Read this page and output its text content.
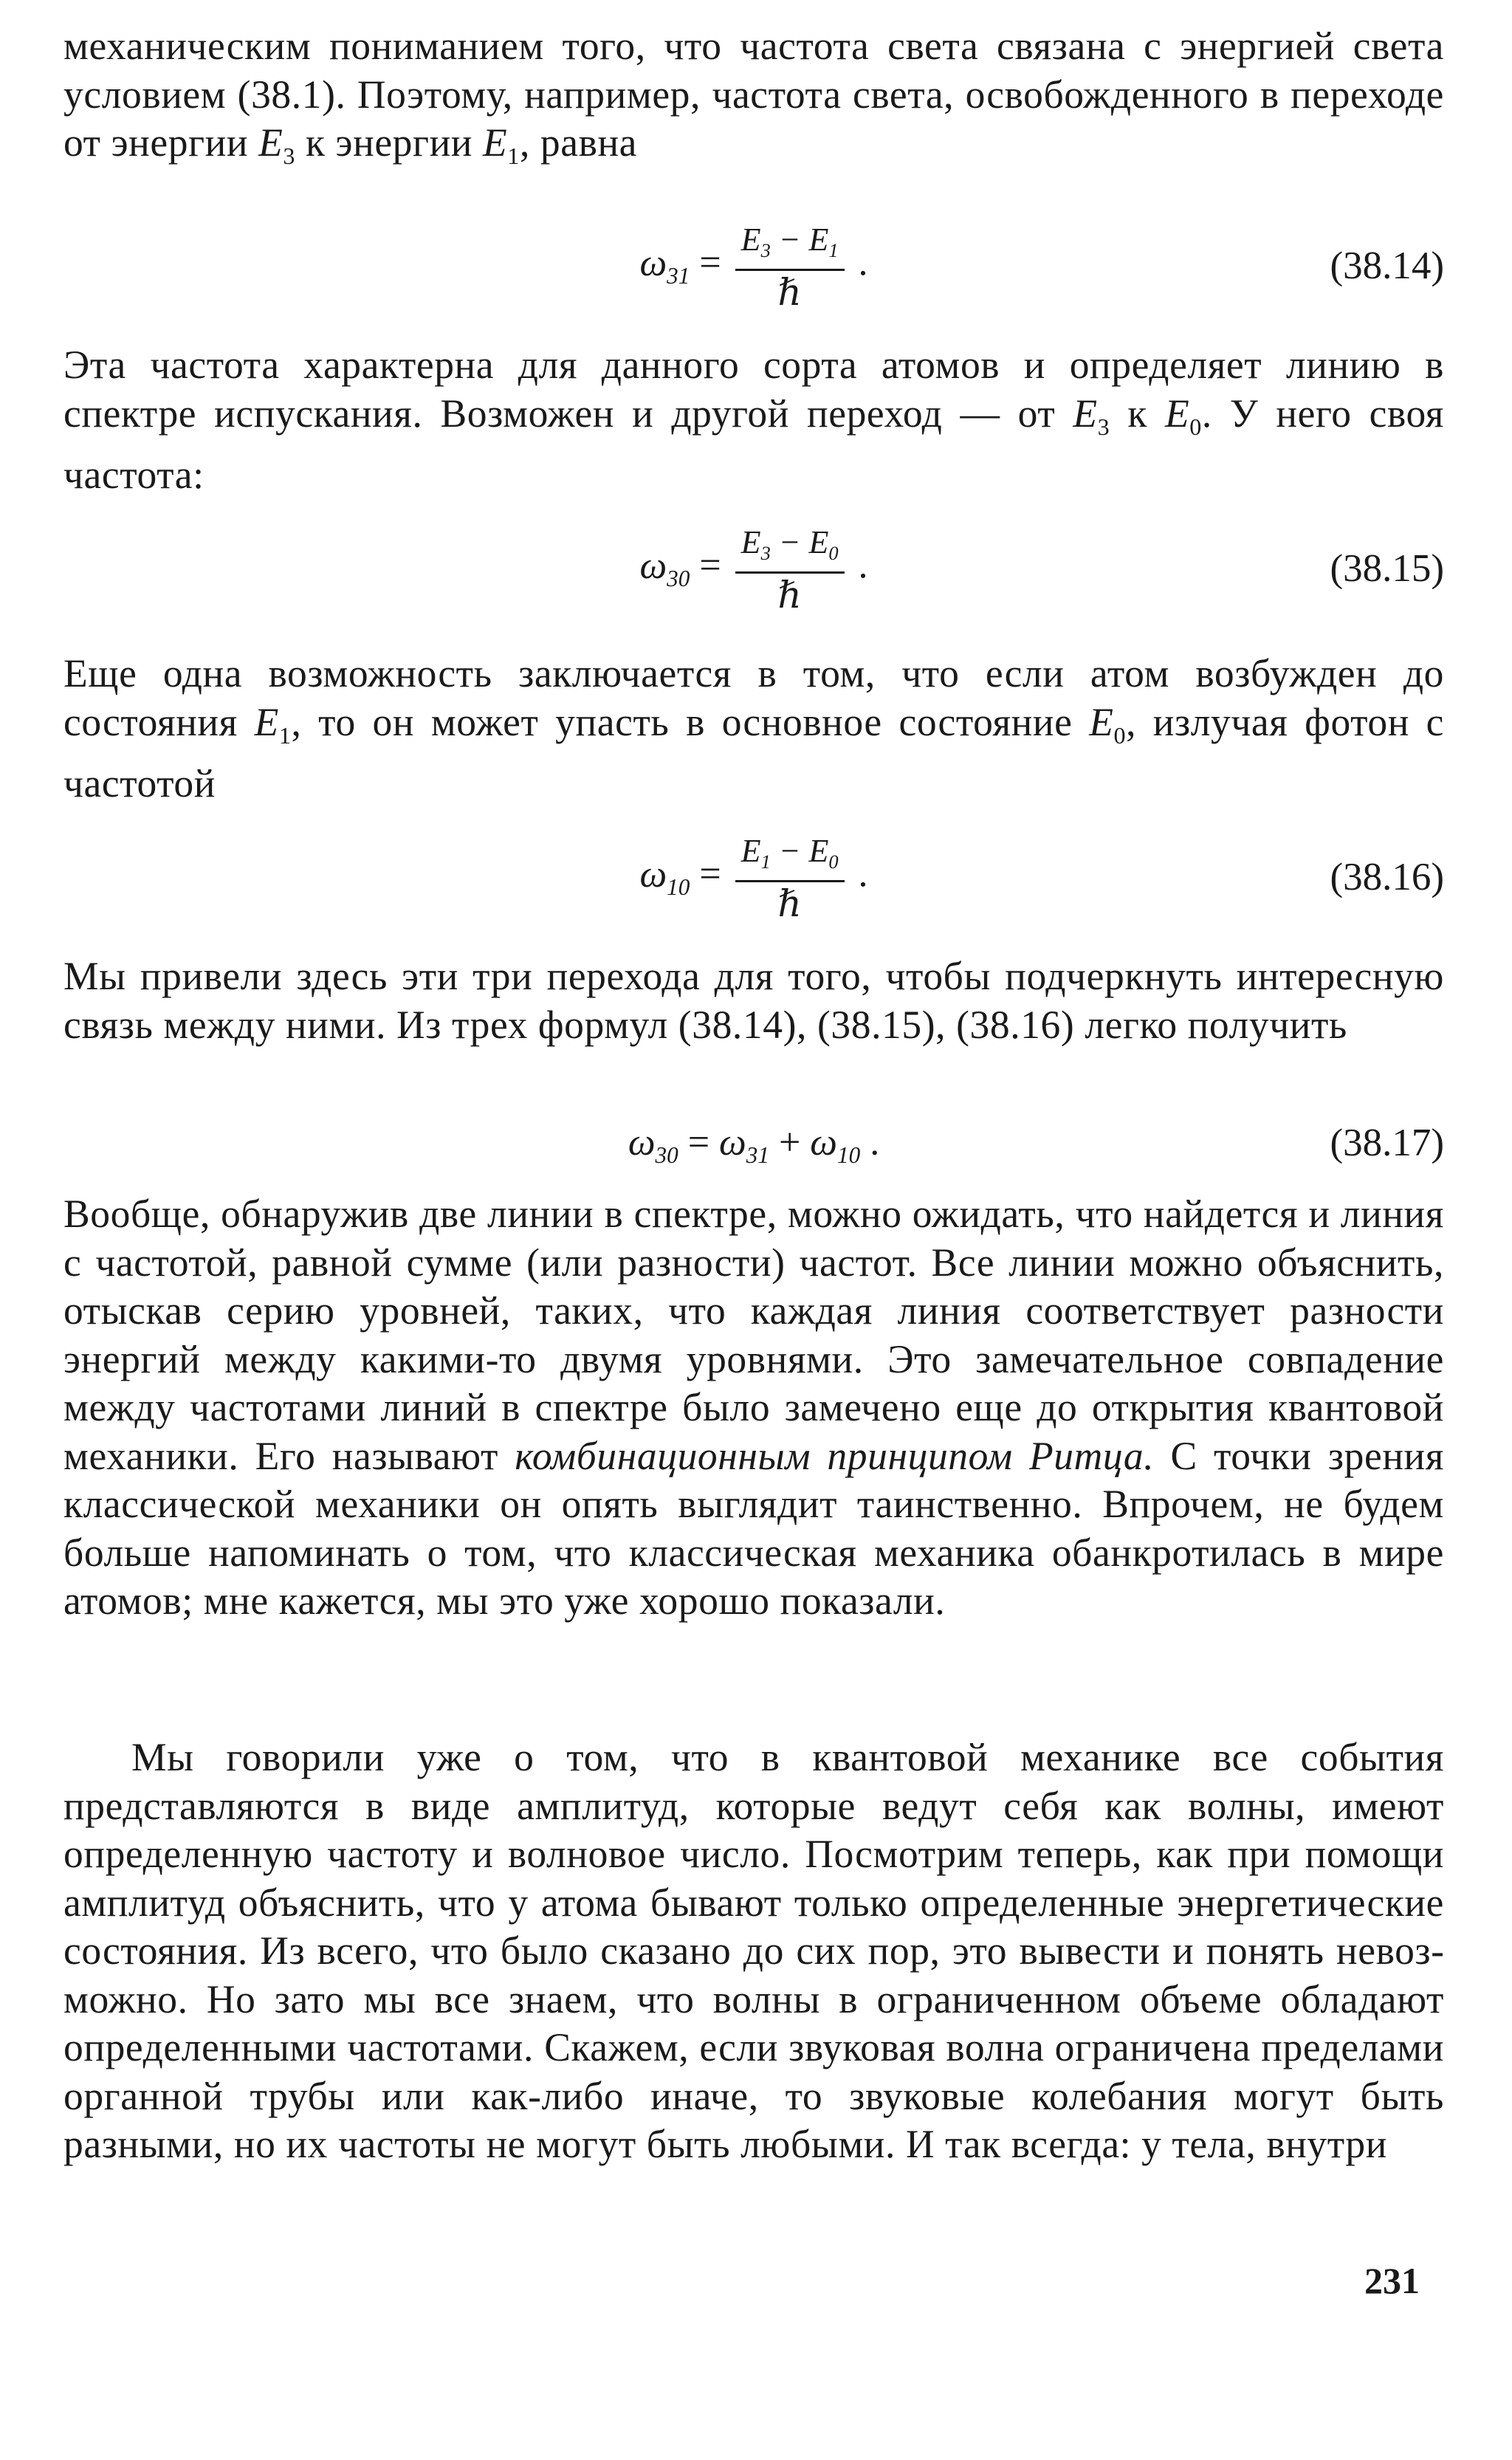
механическим пониманием того, что частота света связана с энергией света условием (38.1). Поэтому, например, частота света, освобожденного в переходе от энергии $E_3$ к энергии $E_1$, равна

$\omega_{31} = \frac{E_3 - E_1}{\text{ℏ}}$ .	(38.14)

Эта частота характерна для данного сорта атомов и определяет линию в спектре испускания. Возможен и другой переход — от $E_3$ к $E_0$. У него своя частота:

$\omega_{30} = \frac{E_3 - E_0}{\text{ℏ}}$ .	(38.15)

Еще одна возможность заключается в том, что если атом возбужден до состояния $E_1$, то он может упасть в основное состояние $E_0$, излучая фотон с частотой

$\omega_{10} = \frac{E_1 - E_0}{\text{ℏ}}$ .	(38.16)

Мы привели здесь эти три перехода для того, чтобы подчеркнуть интересную связь между ними. Из трех формул (38.14), (38.15), (38.16) легко получить

$\omega_{30} = \omega_{31} + \omega_{10}$ .	(38.17)

Вообще, обнаружив две линии в спектре, можно ожидать, что найдется и линия с частотой, равной сумме (или разности) частот. Все линии можно объяснить, отыскав серию уровней, таких, что каждая линия соответствует разности энергий между какими-то двумя уровнями. Это замечательное совпадение между частотами линий в спектре было замечено еще до открытия квантовой механики. Его называют комбинационным принципом Ритца. С точки зрения классической механики он опять выглядит таинственно. Впрочем, не будем больше напоминать о том, что классическая механика обанкротилась в мире атомов; мне кажется, мы это уже хорошо показали.

Мы говорили уже о том, что в квантовой механике все события представляются в виде амплитуд, которые ведут себя как волны, имеют определенную частоту и волновое число. Посмотрим теперь, как при помощи амплитуд объяснить, что у атома бывают только определенные энергетические состояния. Из всего, что было сказано до сих пор, это вывести и понять невозможно. Но зато мы все знаем, что волны в ограниченном объеме обладают определенными частотами. Скажем, если звуковая волна ограничена пределами органной трубы или как-либо иначе, то звуковые колебания могут быть разными, но их частоты не могут быть любыми. И так всегда: у тела, внутри

231
